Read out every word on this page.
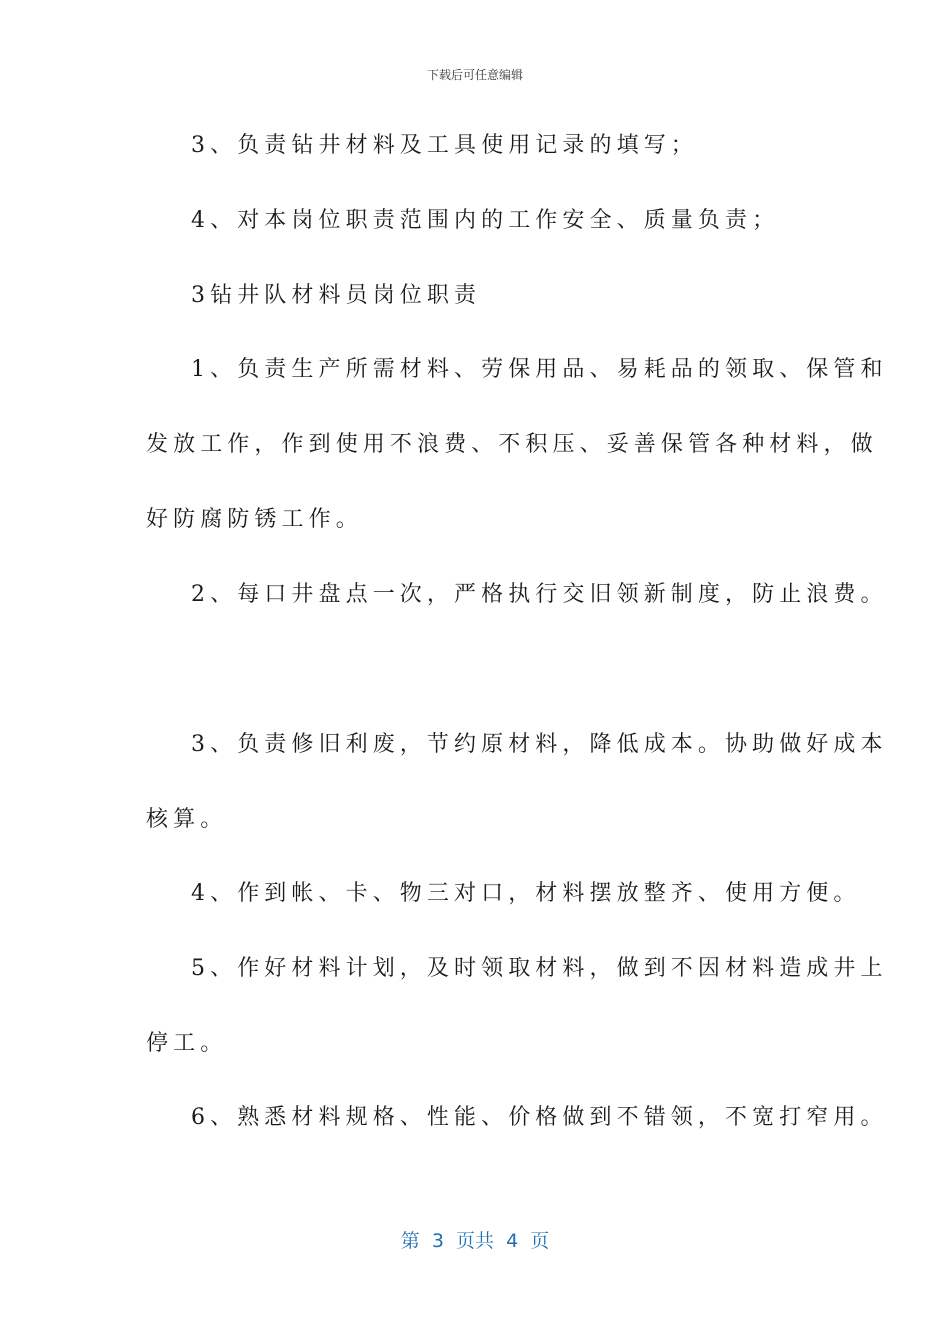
下载后可任意编辑
3、负责钻井材料及工具使用记录的填写；
4、对本岗位职责范围内的工作安全、质量负责；
3钻井队材料员岗位职责
1、负责生产所需材料、劳保用品、易耗品的领取、保管和
发放工作，作到使用不浪费、不积压、妥善保管各种材料，做
好防腐防锈工作。
2、每口井盘点一次，严格执行交旧领新制度，防止浪费。
3、负责修旧利废，节约原材料，降低成本。协助做好成本
核算。
4、作到帐、卡、物三对口，材料摆放整齐、使用方便。
5、作好材料计划，及时领取材料，做到不因材料造成井上
停工。
6、熟悉材料规格、性能、价格做到不错领，不宽打窄用。
第  3  页共  4  页
